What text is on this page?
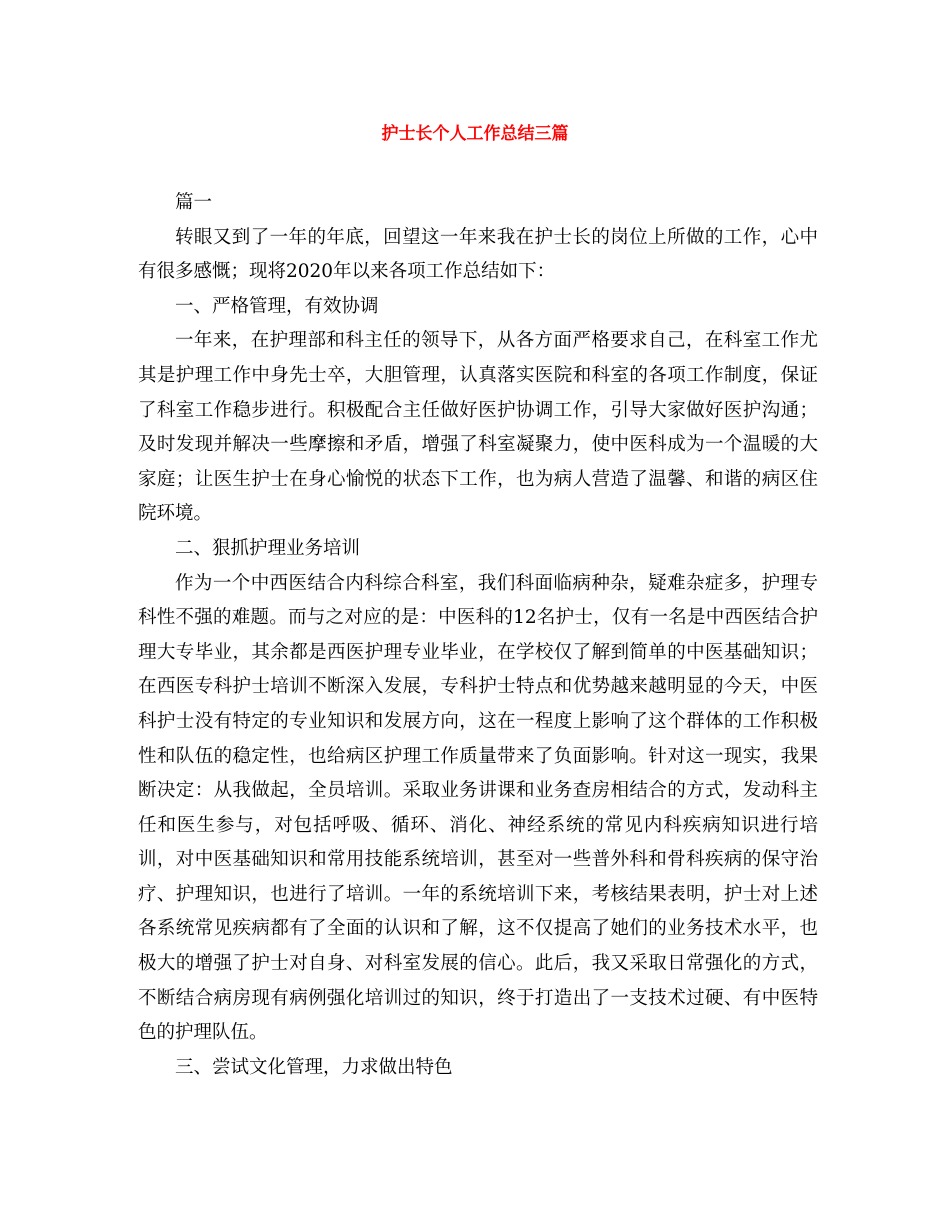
护士长个人工作总结三篇

篇一

转眼又到了一年的年底，回望这一年来我在护士长的岗位上所做的工作，心中有很多感慨；现将2020年以来各项工作总结如下：

一、严格管理，有效协调

一年来，在护理部和科主任的领导下，从各方面严格要求自己，在科室工作尤其是护理工作中身先士卒，大胆管理，认真落实医院和科室的各项工作制度，保证了科室工作稳步进行。积极配合主任做好医护协调工作，引导大家做好医护沟通；及时发现并解决一些摩擦和矛盾，增强了科室凝聚力，使中医科成为一个温暖的大家庭；让医生护士在身心愉悦的状态下工作，也为病人营造了温馨、和谐的病区住院环境。

二、狠抓护理业务培训

作为一个中西医结合内科综合科室，我们科面临病种杂，疑难杂症多，护理专科性不强的难题。而与之对应的是：中医科的12名护士，仅有一名是中西医结合护理大专毕业，其余都是西医护理专业毕业，在学校仅了解到简单的中医基础知识；在西医专科护士培训不断深入发展，专科护士特点和优势越来越明显的今天，中医科护士没有特定的专业知识和发展方向，这在一程度上影响了这个群体的工作积极性和队伍的稳定性，也给病区护理工作质量带来了负面影响。针对这一现实，我果断决定：从我做起，全员培训。采取业务讲课和业务查房相结合的方式，发动科主任和医生参与，对包括呼吸、循环、消化、神经系统的常见内科疾病知识进行培训，对中医基础知识和常用技能系统培训，甚至对一些普外科和骨科疾病的保守治疗、护理知识，也进行了培训。一年的系统培训下来，考核结果表明，护士对上述各系统常见疾病都有了全面的认识和了解，这不仅提高了她们的业务技术水平，也极大的增强了护士对自身、对科室发展的信心。此后，我又采取日常强化的方式，不断结合病房现有病例强化培训过的知识，终于打造出了一支技术过硬、有中医特色的护理队伍。

三、尝试文化管理，力求做出特色
